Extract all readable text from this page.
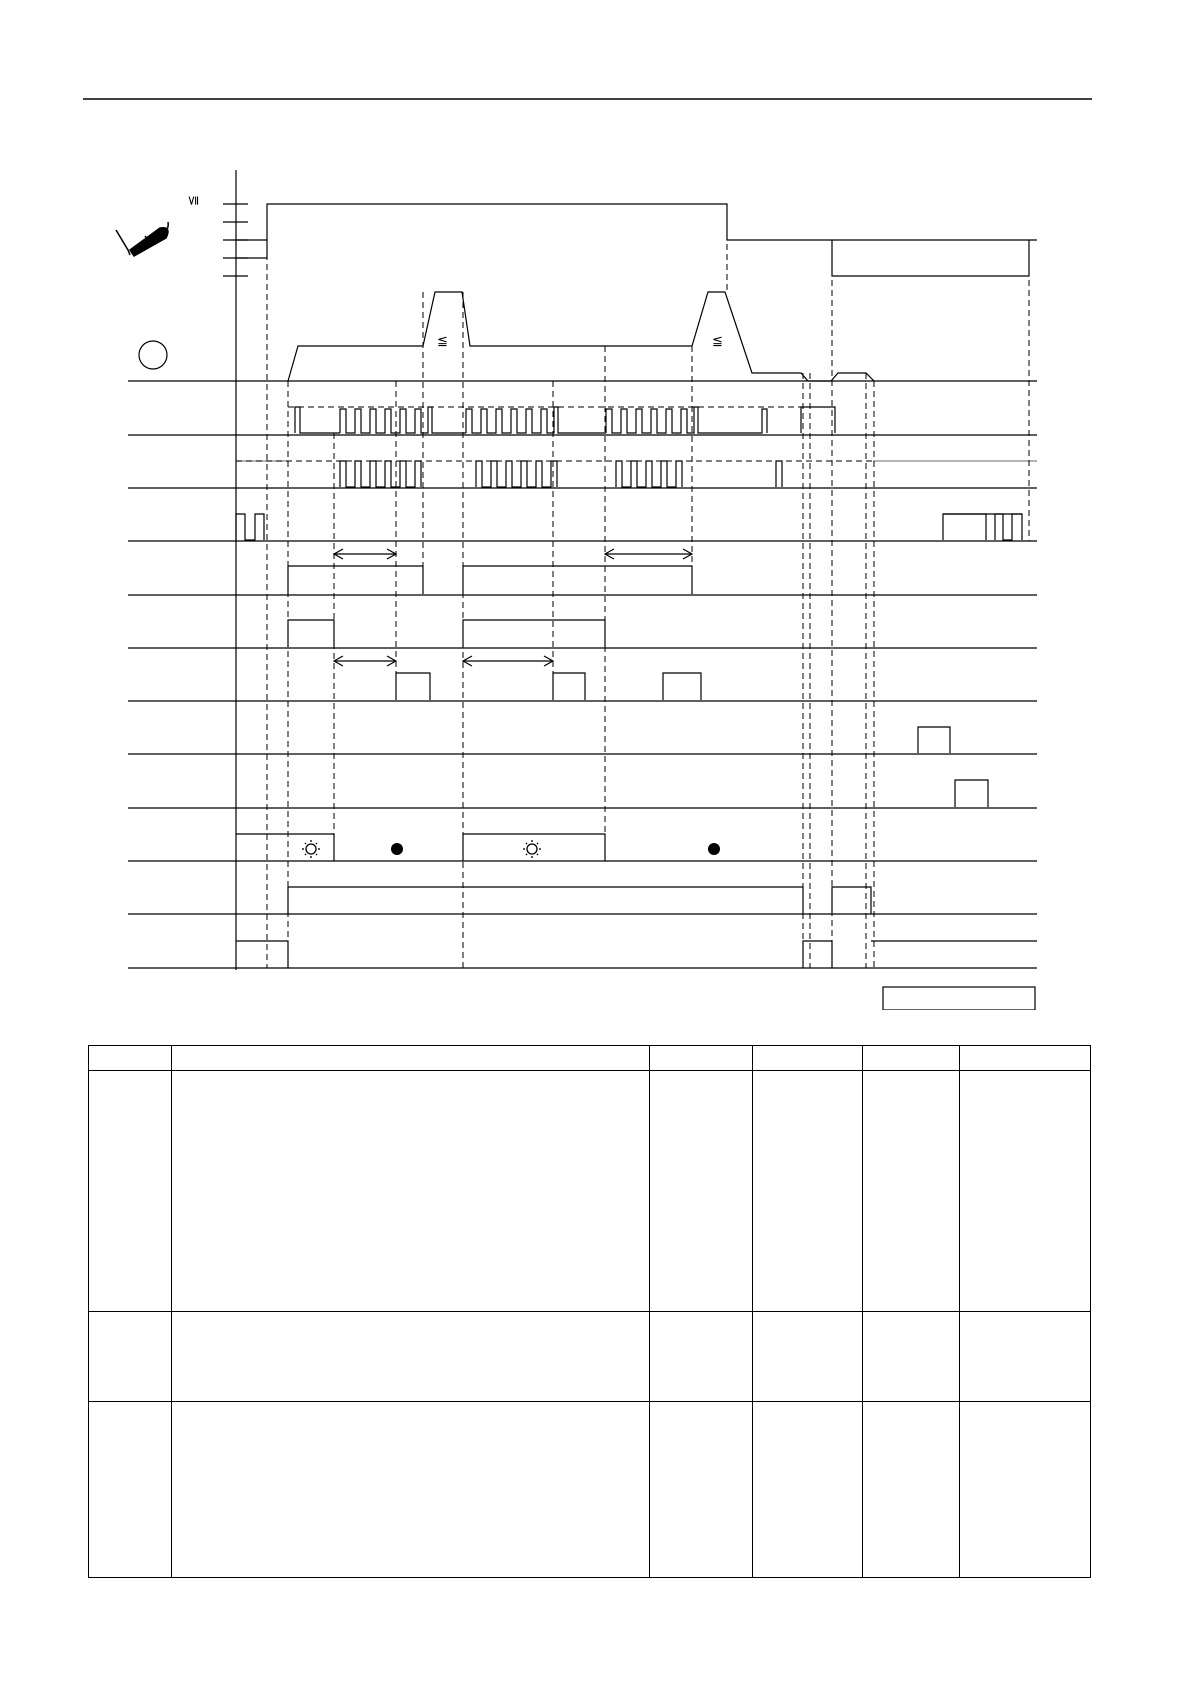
≦
≦	≦
